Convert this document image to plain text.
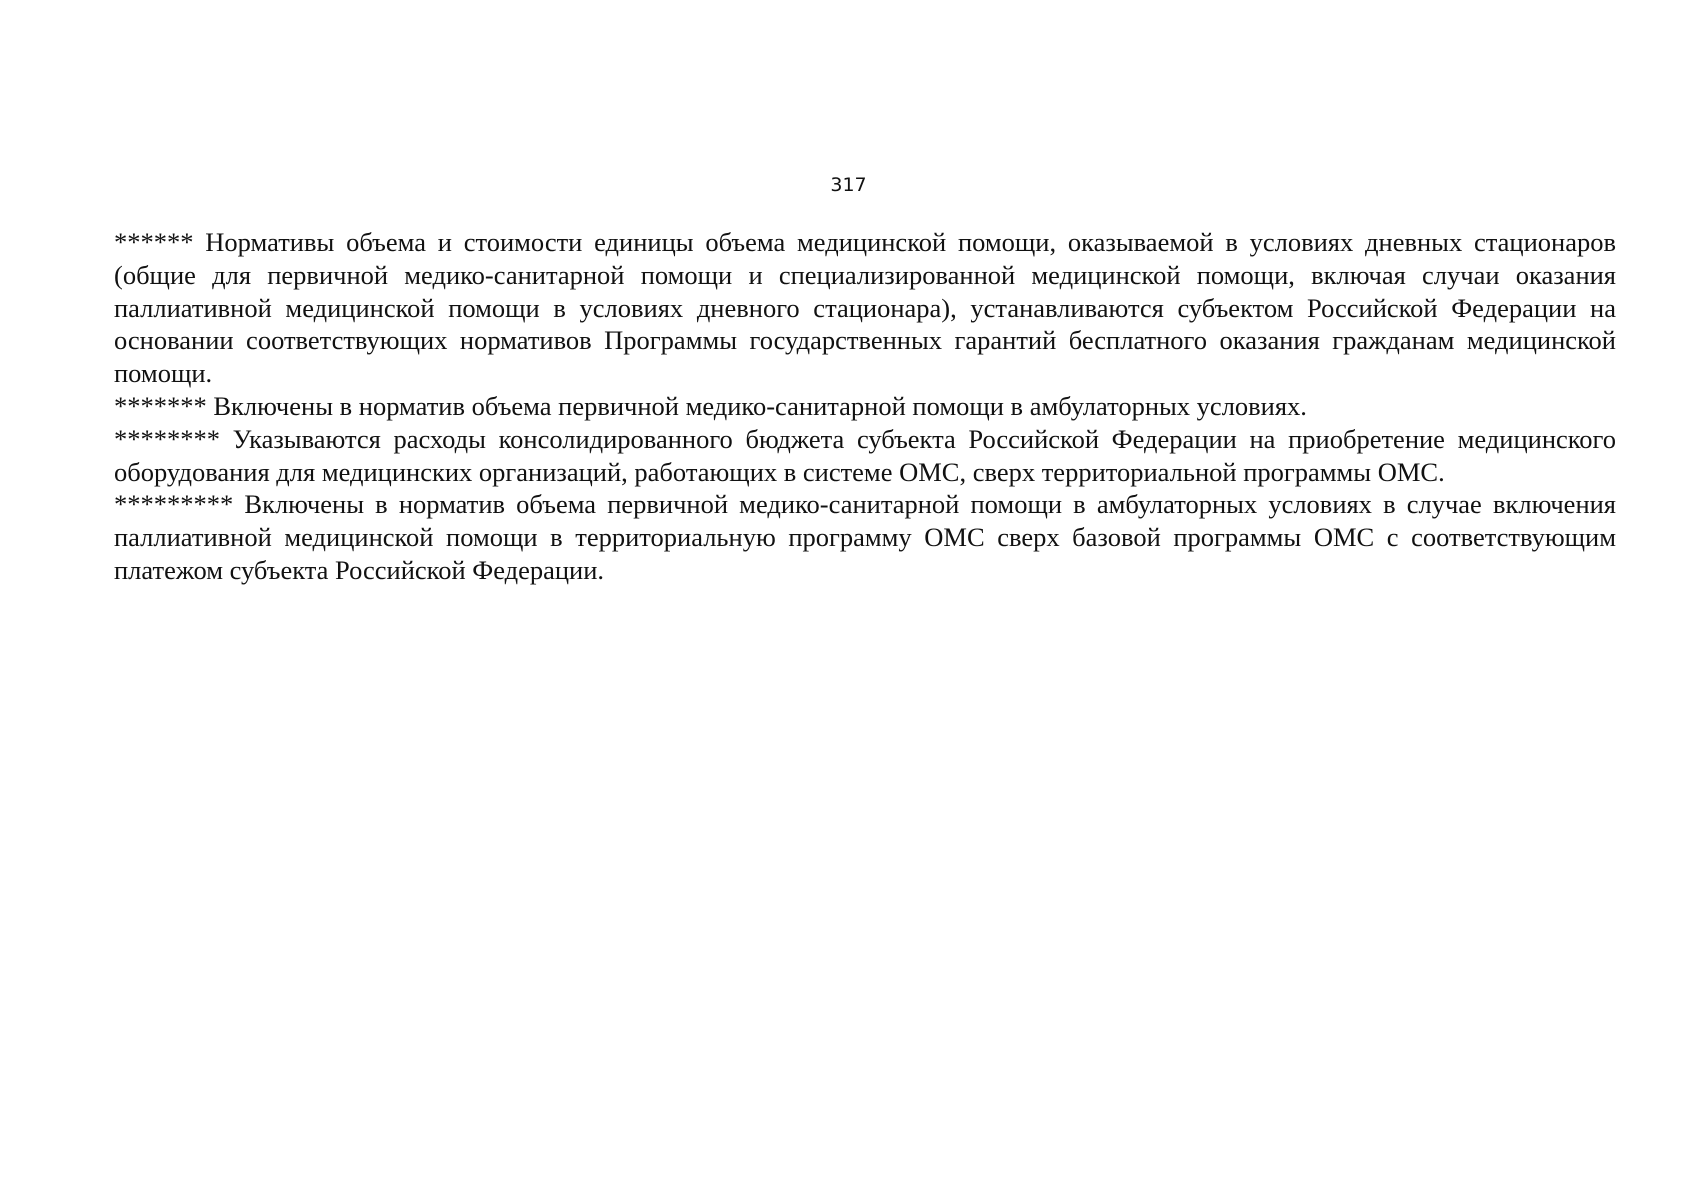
317

****** Нормативы объема и стоимости единицы объема медицинской помощи, оказываемой в условиях дневных стационаров (общие для первичной медико-санитарной помощи и специализированной медицинской помощи, включая случаи оказания паллиативной медицинской помощи в условиях дневного стационара), устанавливаются субъектом Российской Федерации на основании соответствующих нормативов Программы государственных гарантий бесплатного оказания гражданам медицинской помощи.

******* Включены в норматив объема первичной медико-санитарной помощи в амбулаторных условиях.

******** Указываются расходы консолидированного бюджета субъекта Российской Федерации на приобретение медицинского оборудования для медицинских организаций, работающих в системе ОМС, сверх территориальной программы ОМС.

********* Включены в норматив объема первичной медико-санитарной помощи в амбулаторных условиях в случае включения паллиативной медицинской помощи в территориальную программу ОМС сверх базовой программы ОМС с соответствующим платежом субъекта Российской Федерации.
